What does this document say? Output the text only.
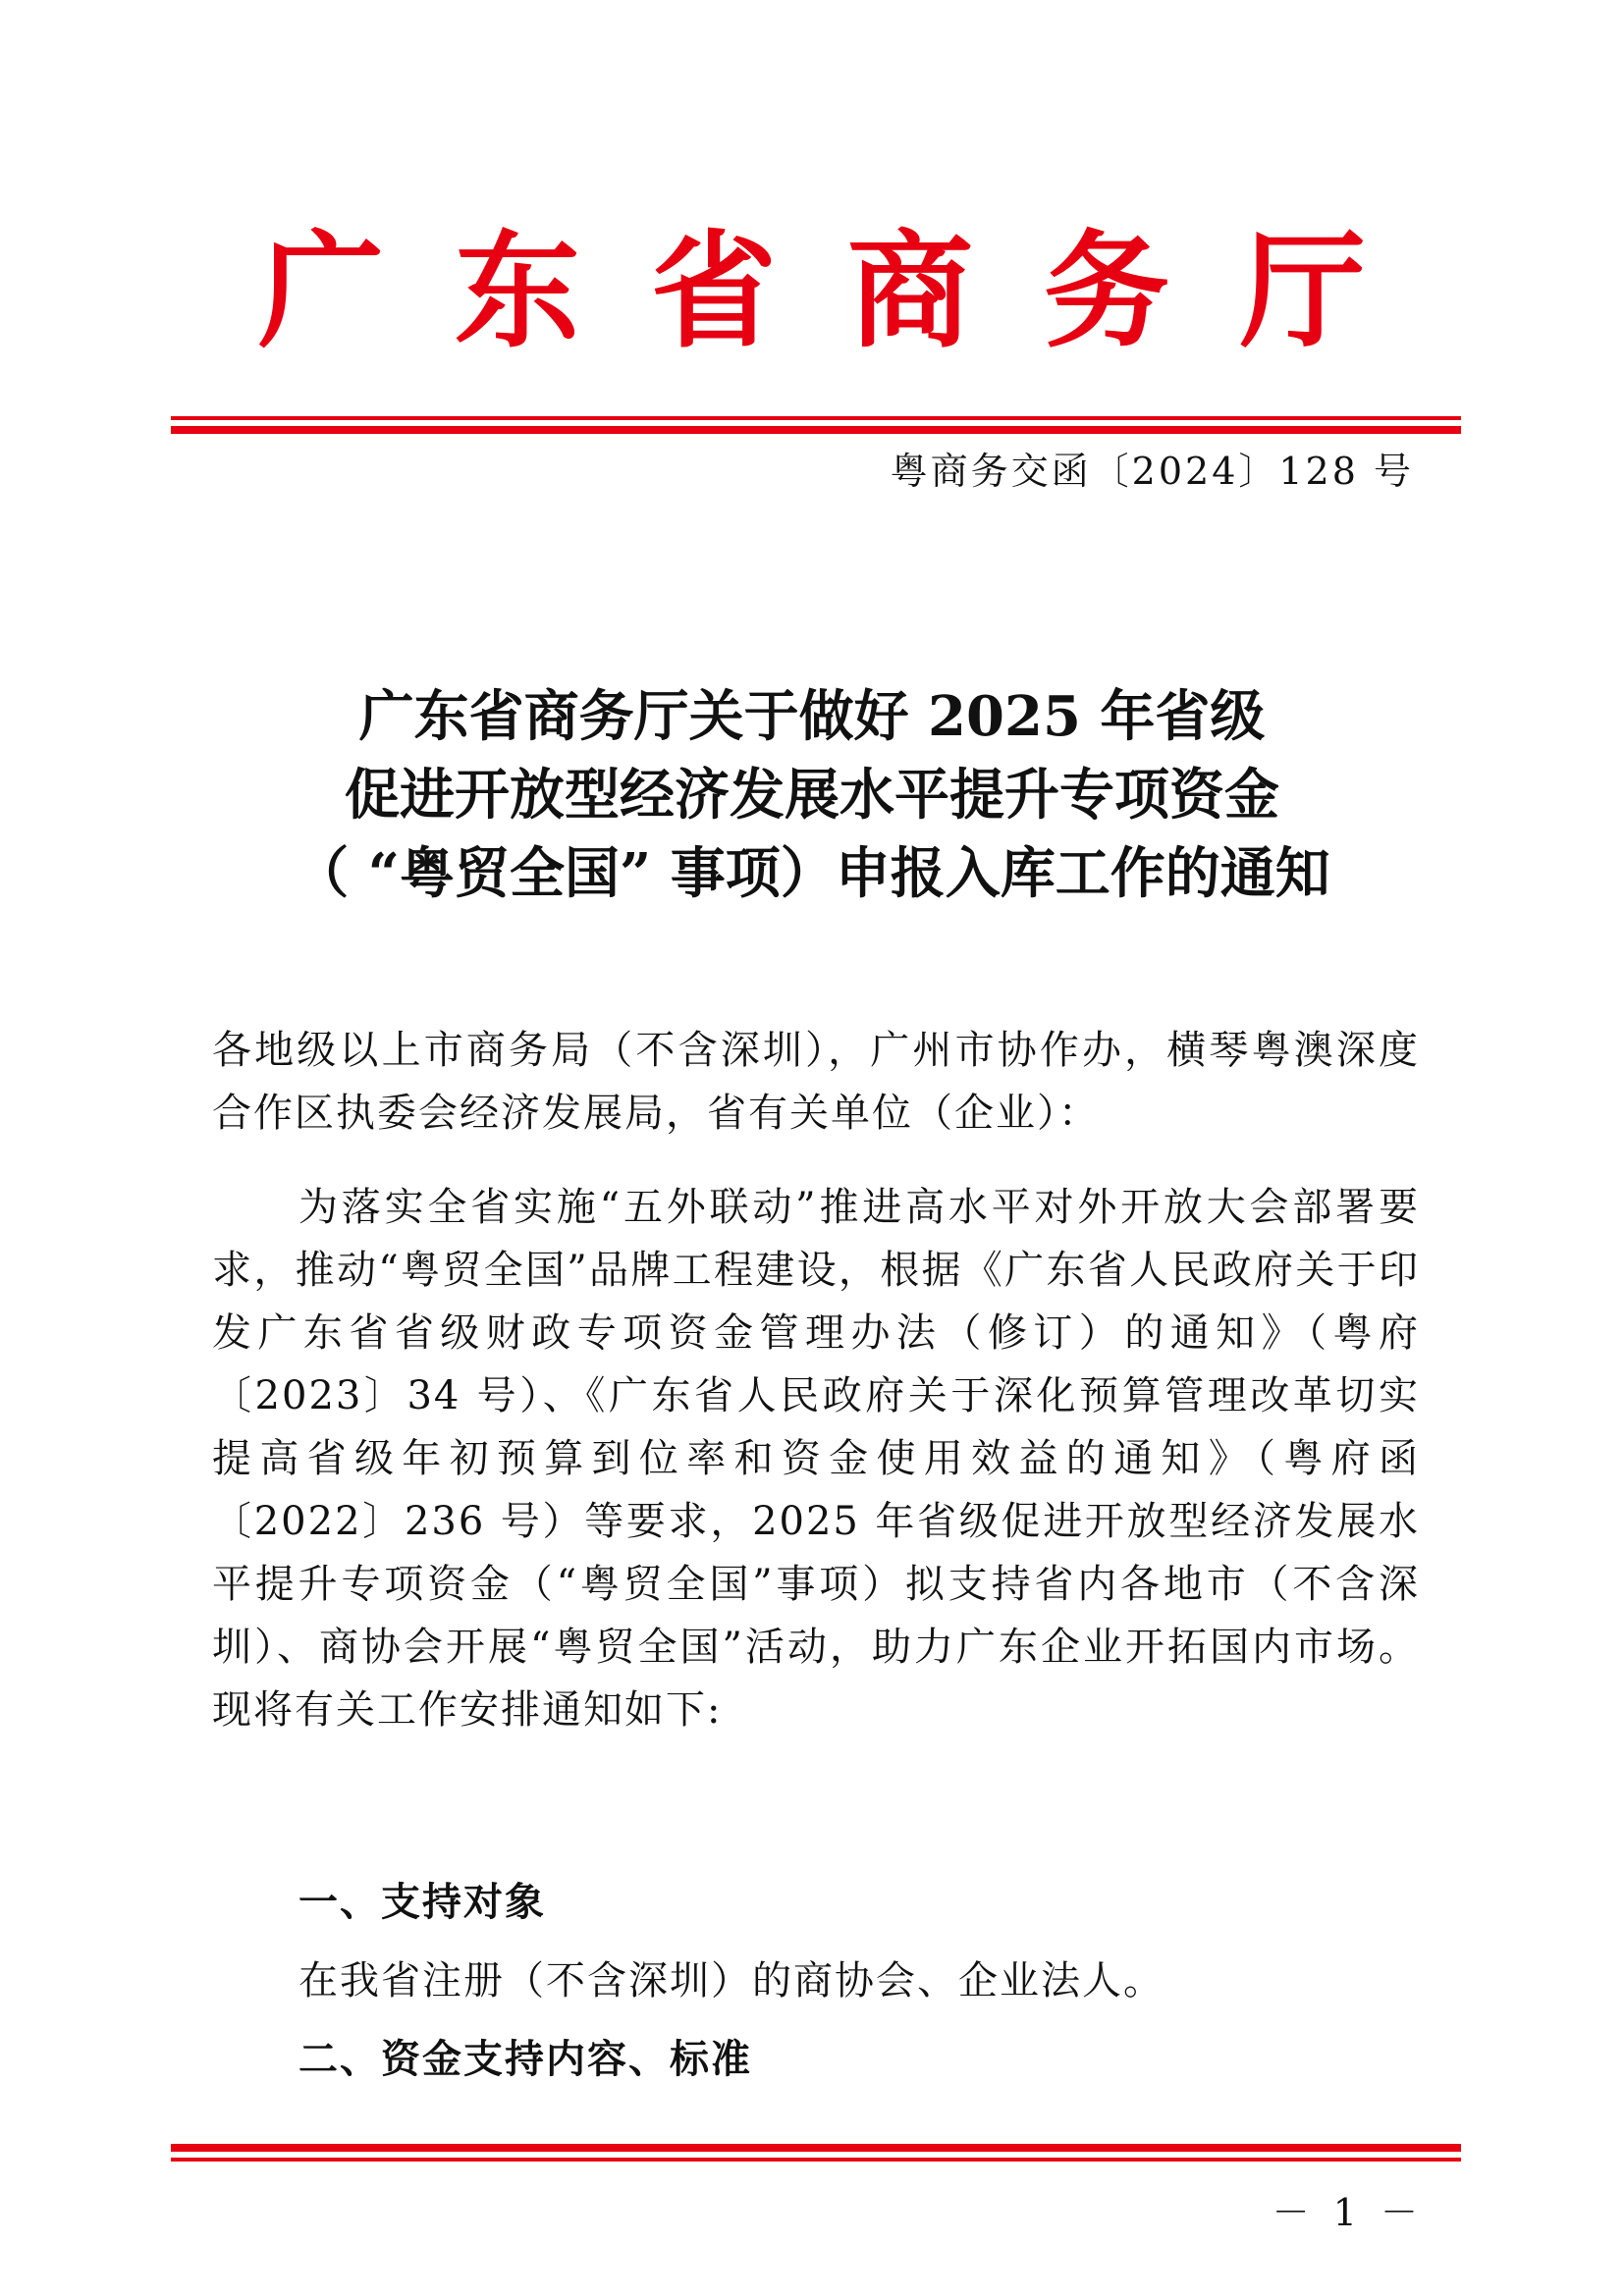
广东省商务厅
粤商务交函〔2024〕128 号
广东省商务厅关于做好 2025 年省级
促进开放型经济发展水平提升专项资金
（ “粤贸全国” 事项）申报入库工作的通知
各地级以上市商务局（不含深圳），广州市协作办，横琴粤澳深度合作区执委会经济发展局，省有关单位（企业）：
为落实全省实施“五外联动”推进高水平对外开放大会部署要求，推动“粤贸全国”品牌工程建设，根据《广东省人民政府关于印发广东省省级财政专项资金管理办法（修订）的通知》（粤府〔2023〕34 号）、《广东省人民政府关于深化预算管理改革切实提高省级年初预算到位率和资金使用效益的通知》（粤府函〔2022〕236 号）等要求，2025 年省级促进开放型经济发展水平提升专项资金（“粤贸全国”事项）拟支持省内各地市（不含深圳）、商协会开展“粤贸全国”活动，助力广东企业开拓国内市场。现将有关工作安排通知如下:
一、支持对象
在我省注册（不含深圳）的商协会、企业法人。
二、资金支持内容、标准
－ 1 －
